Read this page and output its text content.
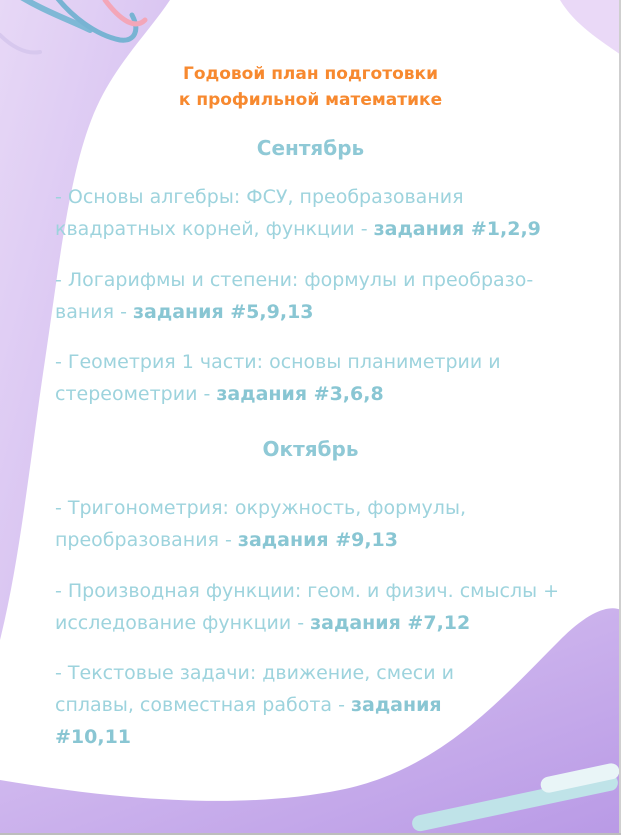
Годовой план подготовки
к профильной математике
Сентябрь
- Основы алгебры: ФСУ, преобразования
квадратных корней, функции - задания #1,2,9
- Логарифмы и степени: формулы и преобразо-
вания - задания #5,9,13
- Геометрия 1 части: основы планиметрии и
стереометрии - задания #3,6,8
Октябрь
- Тригонометрия: окружность, формулы,
преобразования - задания #9,13
- Производная функции: геом. и физич. смыслы +
исследование функции - задания #7,12
- Текстовые задачи: движение, смеси и
сплавы, совместная работа - задания
#10,11
